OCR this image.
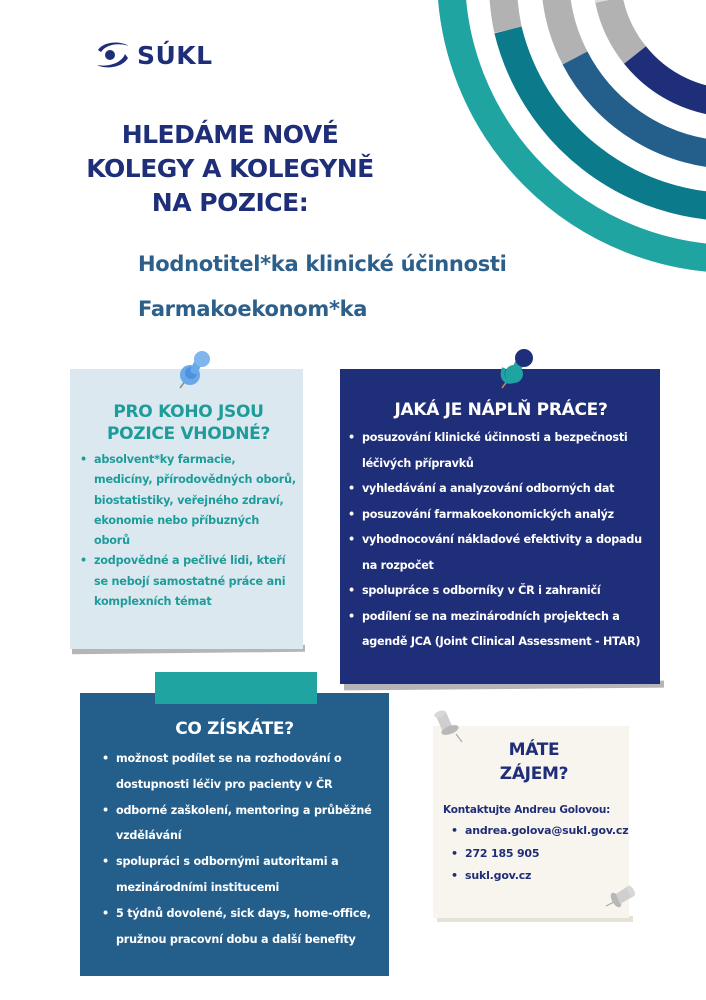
SÚKL
HLEDÁME NOVÉ
KOLEGY A KOLEGYNĚ
NA POZICE:
Hodnotitel*ka klinické účinnosti
Farmakoekonom*ka
PRO KOHO JSOU
POZICE VHODNÉ?
• absolvent*ky farmacie, medicíny, přírodovědných oborů, biostatistiky, veřejného zdraví, ekonomie nebo příbuzných oborů
• zodpovědné a pečlivé lidi, kteří se nebojí samostatné práce ani komplexních témat
JAKÁ JE NÁPLŇ PRÁCE?
• posuzování klinické účinnosti a bezpečnosti léčivých přípravků
• vyhledávání a analyzování odborných dat
• posuzování farmakoekonomických analýz
• vyhodnocování nákladové efektivity a dopadu na rozpočet
• spolupráce s odborníky v ČR i zahraničí
• podílení se na mezinárodních projektech a agendě JCA (Joint Clinical Assessment - HTAR)
CO ZÍSKÁTE?
• možnost podílet se na rozhodování o dostupnosti léčiv pro pacienty v ČR
• odborné zaškolení, mentoring a průběžné vzdělávání
• spolupráci s odbornými autoritami a mezinárodními institucemi
• 5 týdnů dovolené, sick days, home-office, pružnou pracovní dobu a další benefity
MÁTE
ZÁJEM?
Kontaktujte Andreu Golovou:
• andrea.golova@sukl.gov.cz
• 272 185 905
• sukl.gov.cz
